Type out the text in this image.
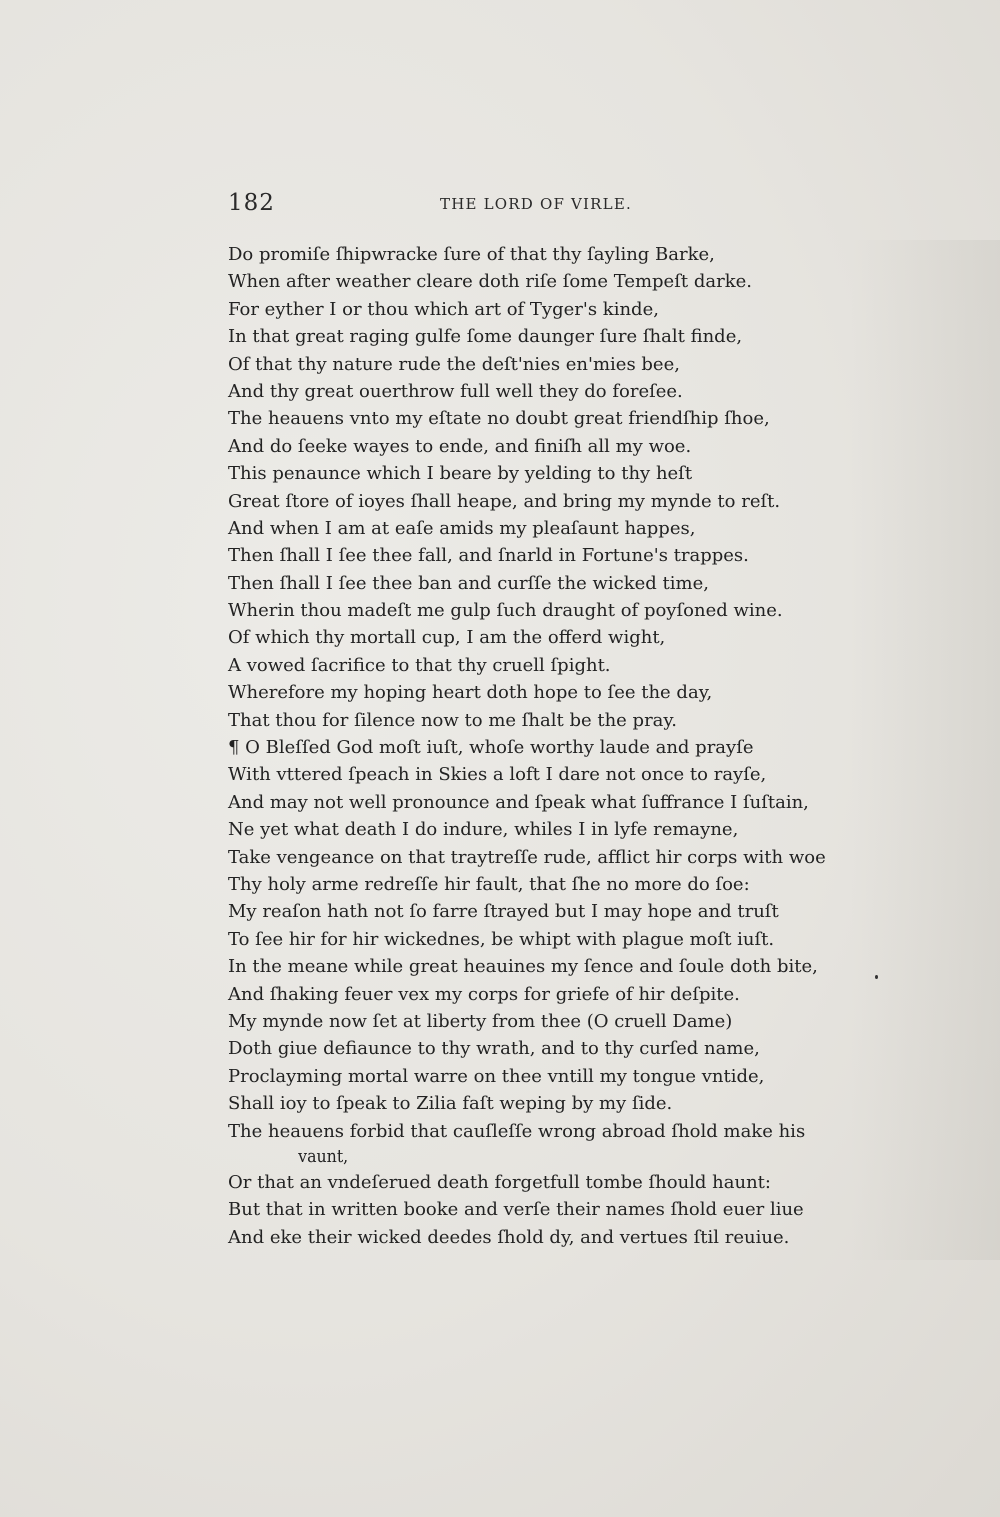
182	THE LORD OF VIRLE.
Do promiſe ſhipwracke ſure of that thy ſayling Barke,
When after weather cleare doth riſe ſome Tempeſt darke.
For eyther I or thou which art of Tyger's kinde,
In that great raging gulfe ſome daunger ſure ſhalt finde,
Of that thy nature rude the deſt'nies en'mies bee,
And thy great ouerthrow full well they do foreſee.
The heauens vnto my eſtate no doubt great friendſhip ſhoe,
And do ſeeke wayes to ende, and finiſh all my woe.
This penaunce which I beare by yelding to thy heſt
Great ſtore of ioyes ſhall heape, and bring my mynde to reſt.
And when I am at eaſe amids my pleaſaunt happes,
Then ſhall I ſee thee fall, and ſnarld in Fortune's trappes.
Then ſhall I ſee thee ban and curſſe the wicked time,
Wherin thou madeſt me gulp ſuch draught of poyſoned wine.
Of which thy mortall cup, I am the offerd wight,
A vowed ſacrifice to that thy cruell ſpight.
Wherefore my hoping heart doth hope to ſee the day,
That thou for ſilence now to me ſhalt be the pray.
¶ O Bleſſed God moſt iuſt, whoſe worthy laude and prayſe
With vttered ſpeach in Skies a loft I dare not once to rayſe,
And may not well pronounce and ſpeak what ſuffrance I ſuſtain,
Ne yet what death I do indure, whiles I in lyfe remayne,
Take vengeance on that traytreſſe rude, afflict hir corps with woe
Thy holy arme redreſſe hir fault, that ſhe no more do ſoe:
My reaſon hath not ſo farre ſtrayed but I may hope and truſt
To ſee hir for hir wickednes, be whipt with plague moſt iuſt.
In the meane while great heauines my ſence and ſoule doth bite,
And ſhaking feuer vex my corps for griefe of hir deſpite.
My mynde now ſet at liberty from thee (O cruell Dame)
Doth giue defiaunce to thy wrath, and to thy curſed name,
Proclayming mortal warre on thee vntill my tongue vntide,
Shall ioy to ſpeak to Zilia faſt weping by my ſide.
The heauens forbid that cauſleſſe wrong abroad ſhold make his
vaunt,
Or that an vndeſerued death forgetfull tombe ſhould haunt:
But that in written booke and verſe their names ſhold euer liue
And eke their wicked deedes ſhold dy, and vertues ſtil reuiue.
